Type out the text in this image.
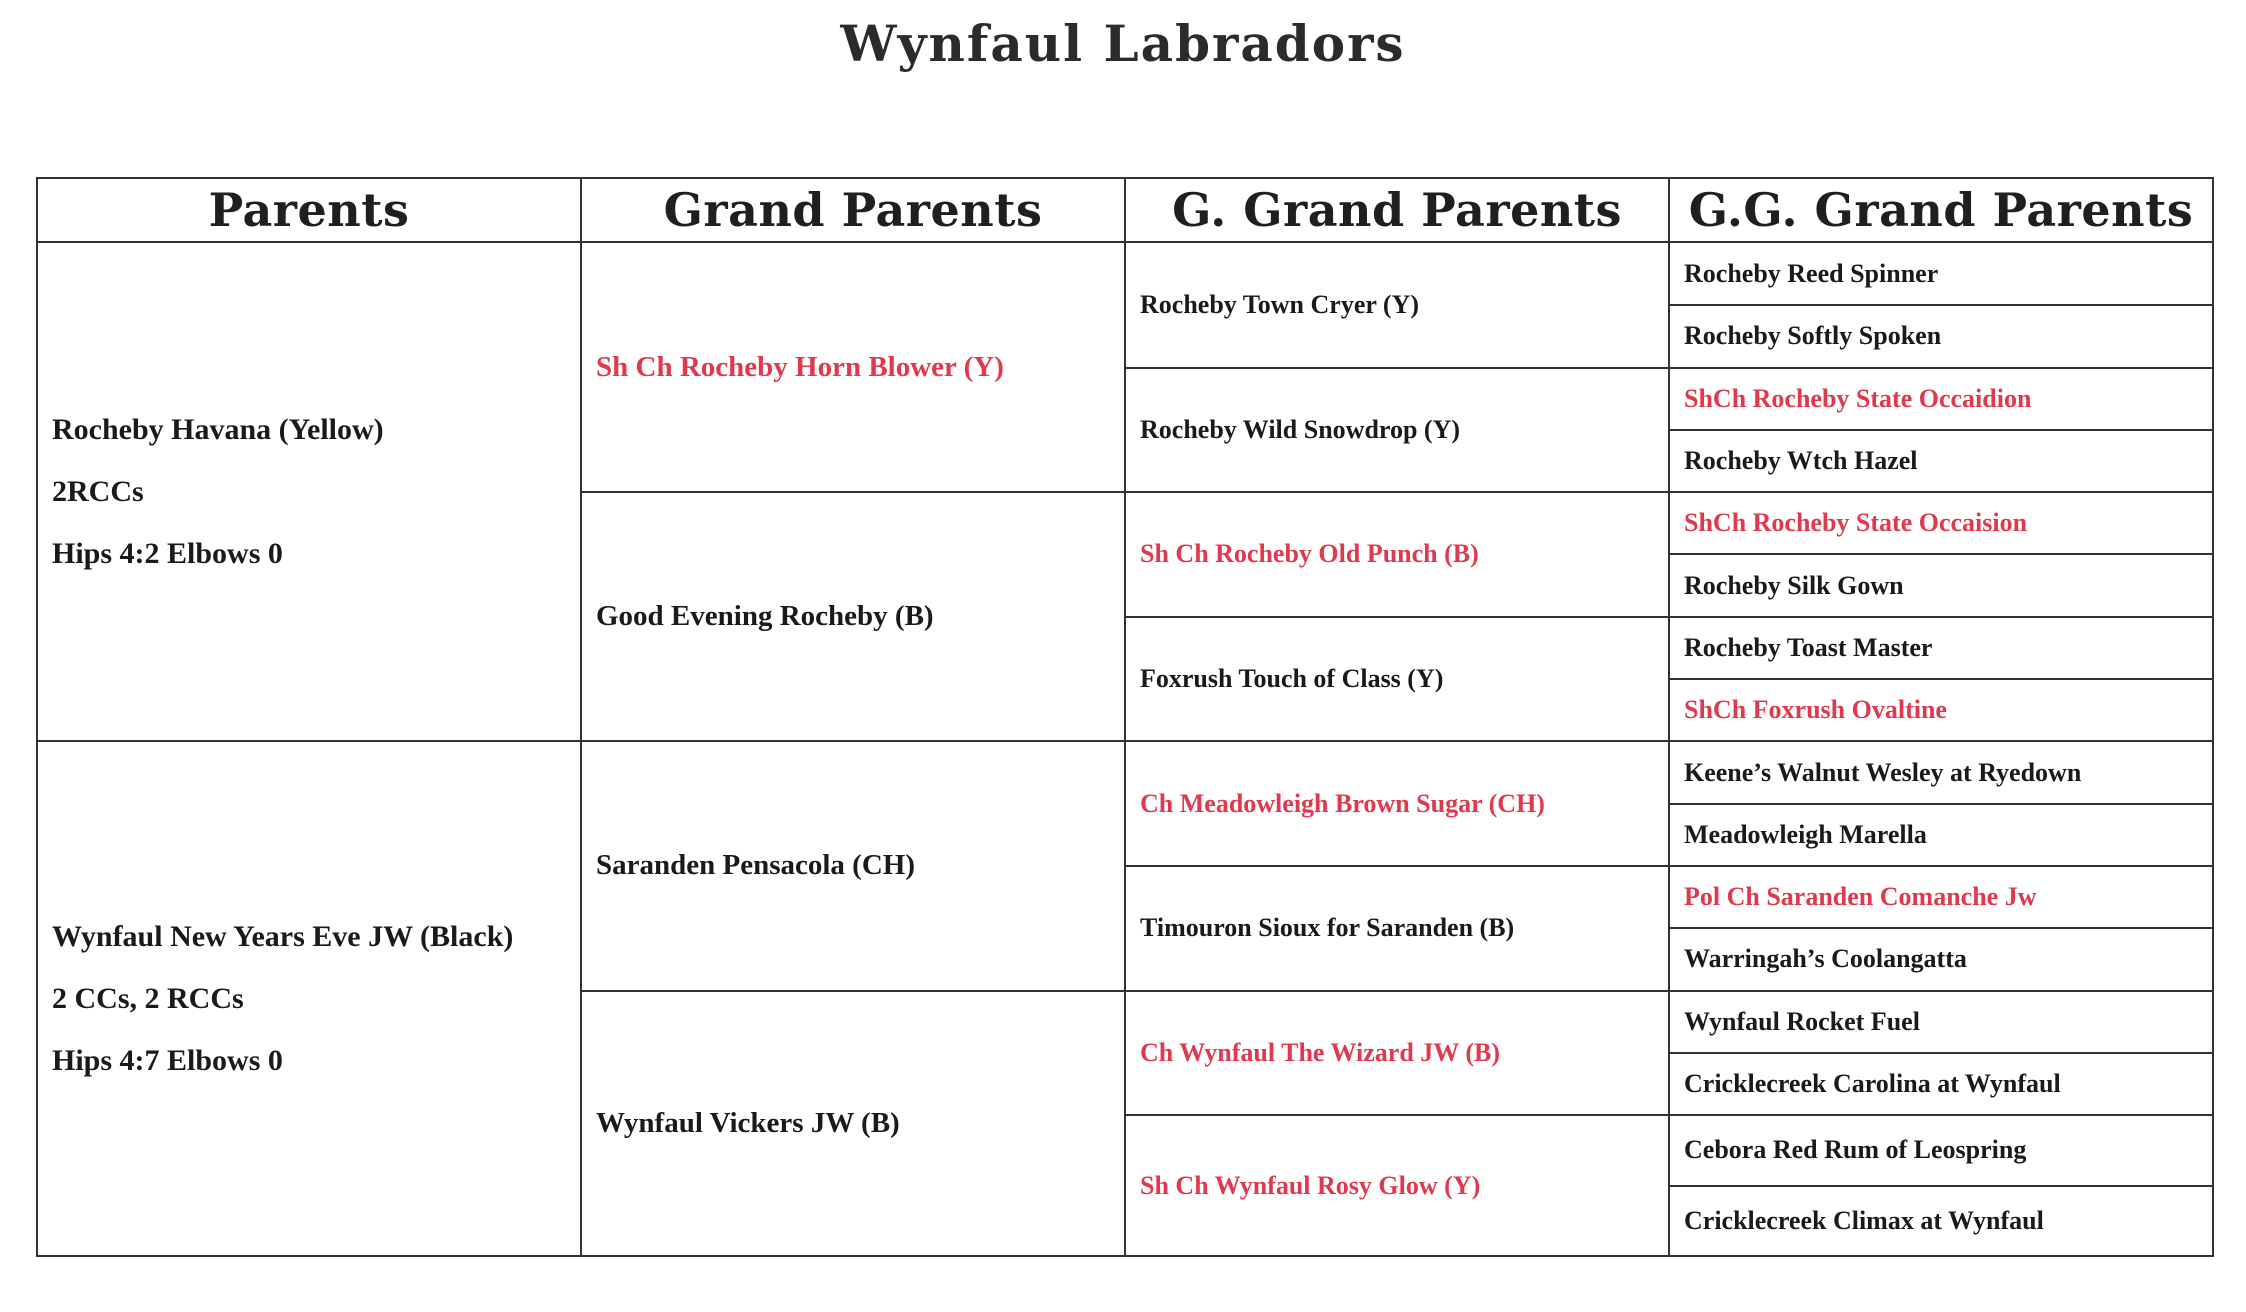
Wynfaul Labradors
Parents	Grand Parents	G. Grand Parents	G.G. Grand Parents

Rocheby Havana (Yellow)
2RCCs
Hips 4:2 Elbows 0	Sh Ch Rocheby Horn Blower (Y)	Rocheby Town Cryer (Y)	Rocheby Reed Spinner
			Rocheby Softly Spoken
		Rocheby Wild Snowdrop (Y)	ShCh Rocheby State Occaidion
			Rocheby Wtch Hazel
	Good Evening Rocheby (B)	Sh Ch Rocheby Old Punch (B)	ShCh Rocheby State Occaision
			Rocheby Silk Gown
		Foxrush Touch of Class (Y)	Rocheby Toast Master
			ShCh Foxrush Ovaltine

Wynfaul New Years Eve JW (Black)
2 CCs, 2 RCCs
Hips 4:7 Elbows 0	Saranden Pensacola (CH)	Ch Meadowleigh Brown Sugar (CH)	Keene’s Walnut Wesley at Ryedown
			Meadowleigh Marella
		Timouron Sioux for Saranden (B)	Pol Ch Saranden Comanche Jw
			Warringah’s Coolangatta
	Wynfaul Vickers JW (B)	Ch Wynfaul The Wizard JW (B)	Wynfaul Rocket Fuel
			Cricklecreek Carolina at Wynfaul
		Sh Ch Wynfaul Rosy Glow (Y)	Cebora Red Rum of Leospring
			Cricklecreek Climax at Wynfaul
